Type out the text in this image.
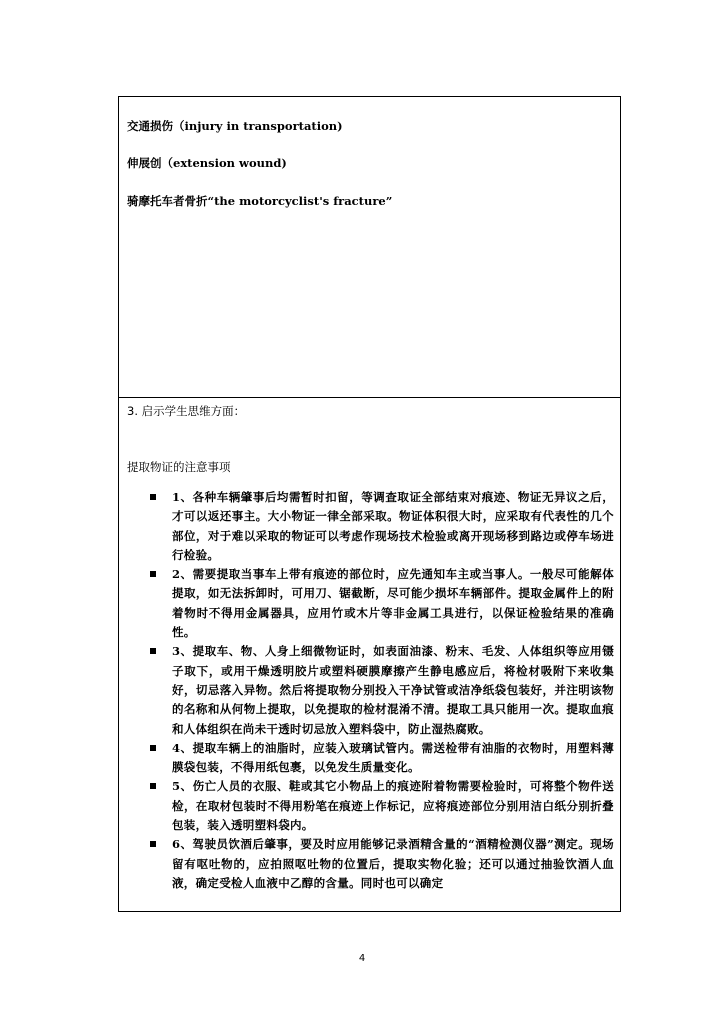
交通损伤（injury in transportation)
伸展创（extension wound)
骑摩托车者骨折“the motorcyclist's fracture”
3. 启示学生思维方面：
提取物证的注意事项
1、各种车辆肇事后均需暂时扣留，等调查取证全部结束对痕迹、物证无异议之后，才可以返还事主。大小物证一律全部采取。物证体积很大时，应采取有代表性的几个部位，对于难以采取的物证可以考虑作现场技术检验或离开现场移到路边或停车场进行检验。
2、需要提取当事车上带有痕迹的部位时，应先通知车主或当事人。一般尽可能解体提取，如无法拆卸时，可用刀、锯截断，尽可能少损坏车辆部件。提取金属件上的附着物时不得用金属器具，应用竹或木片等非金属工具进行，以保证检验结果的准确性。
3、提取车、物、人身上细微物证时，如表面油漆、粉末、毛发、人体组织等应用镊子取下，或用干燥透明胶片或塑料硬膜摩擦产生静电感应后，将检材吸附下来收集好，切忌落入异物。然后将提取物分别投入干净试管或洁净纸袋包装好，并注明该物的名称和从何物上提取，以免提取的检材混淆不清。提取工具只能用一次。提取血痕和人体组织在尚未干透时切忌放入塑料袋中，防止湿热腐败。
4、提取车辆上的油脂时，应装入玻璃试管内。需送检带有油脂的衣物时，用塑料薄膜袋包装，不得用纸包裹，以免发生质量变化。
5、伤亡人员的衣服、鞋或其它小物品上的痕迹附着物需要检验时，可将整个物件送检，在取材包装时不得用粉笔在痕迹上作标记，应将痕迹部位分别用洁白纸分别折叠包装，装入透明塑料袋内。
6、驾驶员饮酒后肇事，要及时应用能够记录酒精含量的“酒精检测仪器”测定。现场留有呕吐物的，应拍照呕吐物的位置后，提取实物化验；还可以通过抽验饮酒人血液，确定受检人血液中乙醇的含量。同时也可以确定
4
